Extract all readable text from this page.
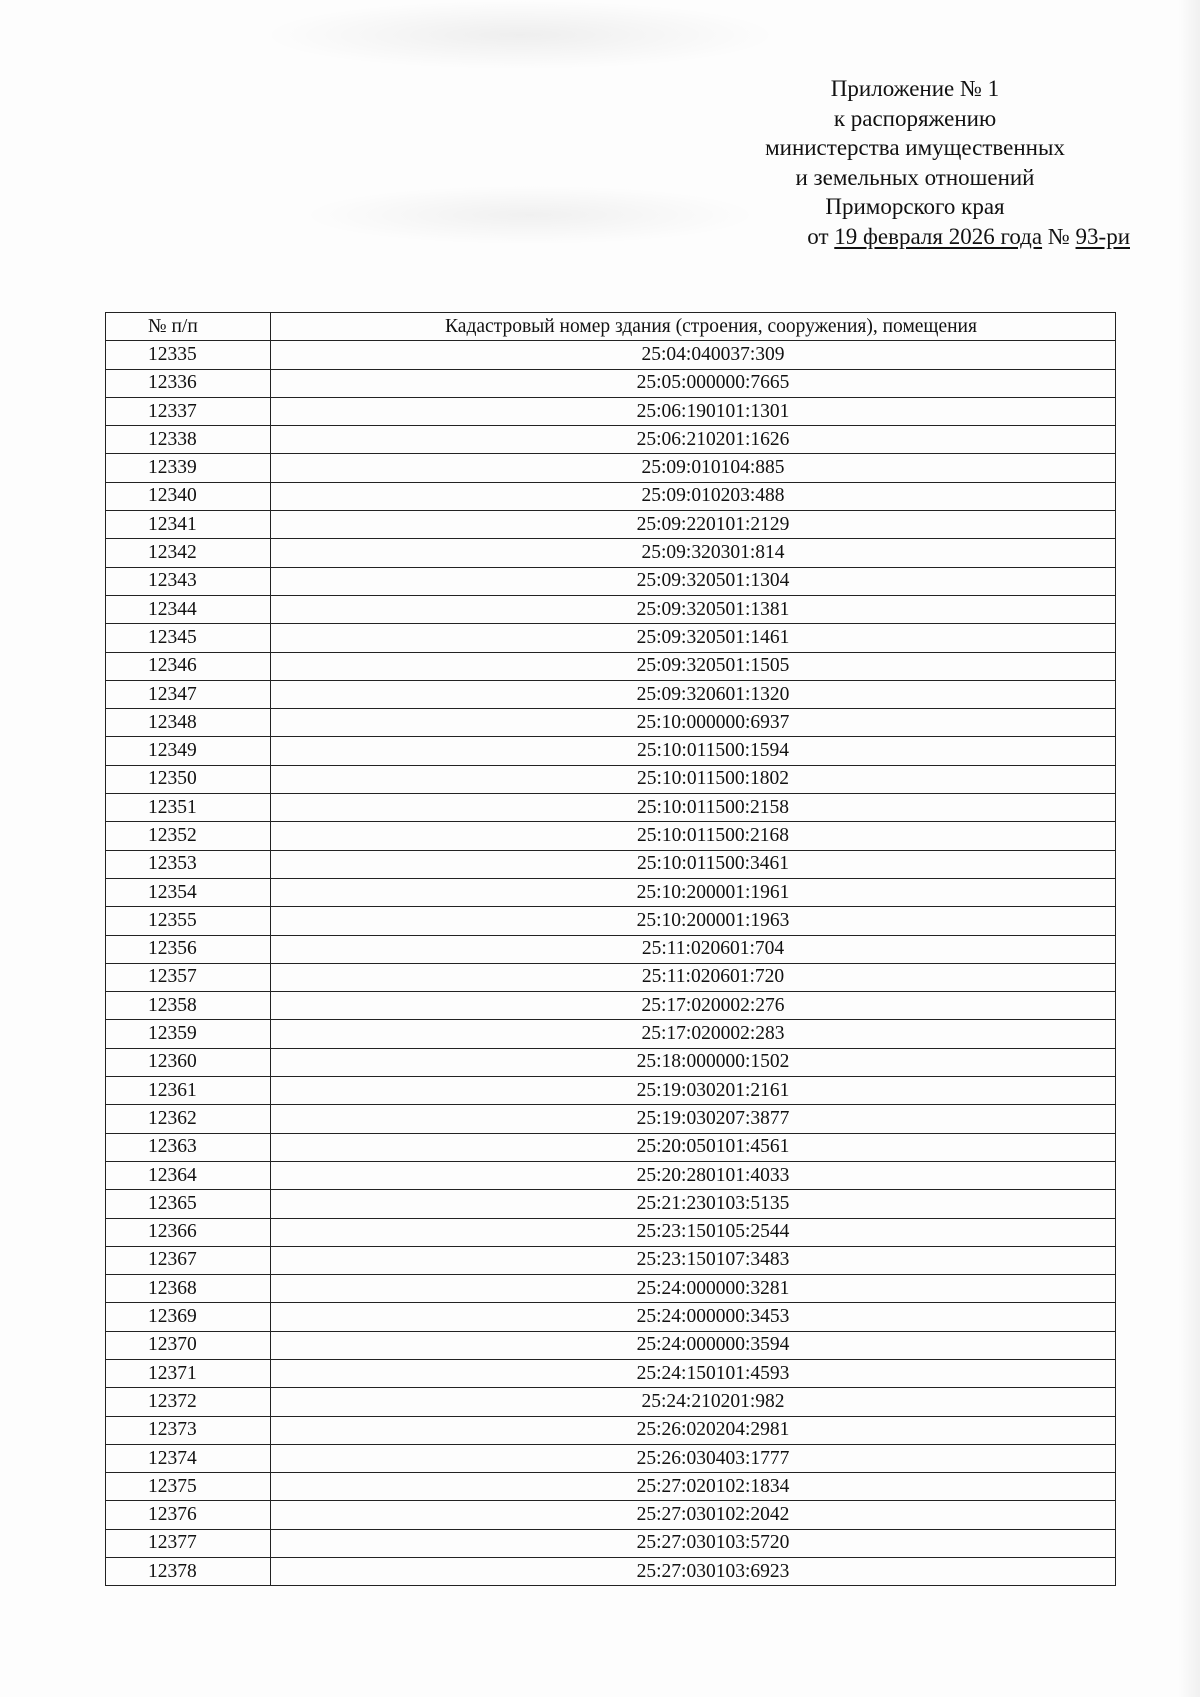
Приложение № 1
к распоряжению
министерства имущественных
и земельных отношений
Приморского края
от 19 февраля 2026 года № 93-ри
№ п/п	Кадастровый номер здания (строения, сооружения), помещения
12335	25:04:040037:309
12336	25:05:000000:7665
12337	25:06:190101:1301
12338	25:06:210201:1626
12339	25:09:010104:885
12340	25:09:010203:488
12341	25:09:220101:2129
12342	25:09:320301:814
12343	25:09:320501:1304
12344	25:09:320501:1381
12345	25:09:320501:1461
12346	25:09:320501:1505
12347	25:09:320601:1320
12348	25:10:000000:6937
12349	25:10:011500:1594
12350	25:10:011500:1802
12351	25:10:011500:2158
12352	25:10:011500:2168
12353	25:10:011500:3461
12354	25:10:200001:1961
12355	25:10:200001:1963
12356	25:11:020601:704
12357	25:11:020601:720
12358	25:17:020002:276
12359	25:17:020002:283
12360	25:18:000000:1502
12361	25:19:030201:2161
12362	25:19:030207:3877
12363	25:20:050101:4561
12364	25:20:280101:4033
12365	25:21:230103:5135
12366	25:23:150105:2544
12367	25:23:150107:3483
12368	25:24:000000:3281
12369	25:24:000000:3453
12370	25:24:000000:3594
12371	25:24:150101:4593
12372	25:24:210201:982
12373	25:26:020204:2981
12374	25:26:030403:1777
12375	25:27:020102:1834
12376	25:27:030102:2042
12377	25:27:030103:5720
12378	25:27:030103:6923
